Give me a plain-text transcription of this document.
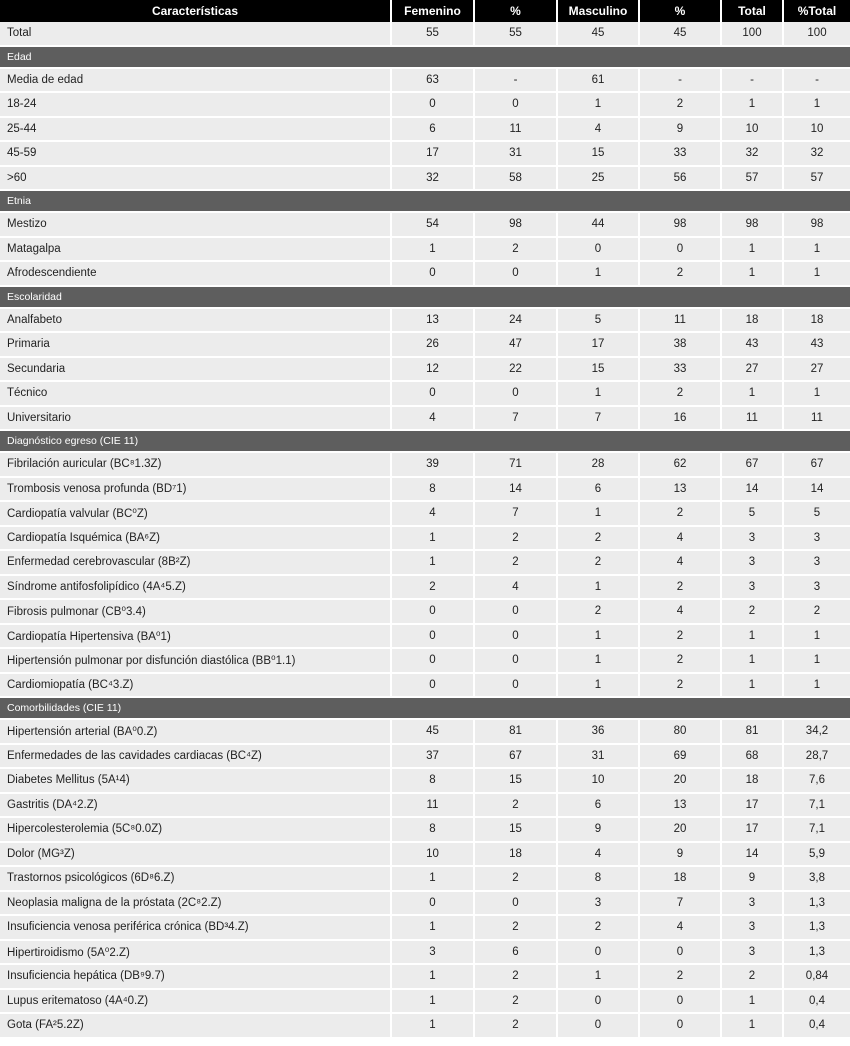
Características	Femenino	%	Masculino	%	Total	%Total
Total	55	55	45	45	100	100
Edad						
Media de edad	63	-	61	-	-	-
18-24	0	0	1	2	1	1
25-44	6	11	4	9	10	10
45-59	17	31	15	33	32	32
>60	32	58	25	56	57	57
Etnia						
Mestizo	54	98	44	98	98	98
Matagalpa	1	2	0	0	1	1
Afrodescendiente	0	0	1	2	1	1
Escolaridad						
Analfabeto	13	24	5	11	18	18
Primaria	26	47	17	38	43	43
Secundaria	12	22	15	33	27	27
Técnico	0	0	1	2	1	1
Universitario	4	7	7	16	11	11
Diagnóstico egreso (CIE 11)						
Fibrilación auricular (BC⁸1.3Z)	39	71	28	62	67	67
Trombosis venosa profunda (BD⁷1)	8	14	6	13	14	14
Cardiopatía valvular (BC⁰Z)	4	7	1	2	5	5
Cardiopatía Isquémica (BA⁶Z)	1	2	2	4	3	3
Enfermedad cerebrovascular (8B²Z)	1	2	2	4	3	3
Síndrome antifosfolipídico (4A⁴5.Z)	2	4	1	2	3	3
Fibrosis pulmonar (CB⁰3.4)	0	0	2	4	2	2
Cardiopatía Hipertensiva (BA⁰1)	0	0	1	2	1	1
Hipertensión pulmonar por disfunción diastólica (BB⁰1.1)	0	0	1	2	1	1
Cardiomiopatía (BC⁴3.Z)	0	0	1	2	1	1
Comorbilidades (CIE 11)						
Hipertensión arterial (BA⁰0.Z)	45	81	36	80	81	34,2
Enfermedades de las cavidades cardiacas (BC⁴Z)	37	67	31	69	68	28,7
Diabetes Mellitus (5A¹4)	8	15	10	20	18	7,6
Gastritis (DA⁴2.Z)	11	2	6	13	17	7,1
Hipercolesterolemia (5C⁸0.0Z)	8	15	9	20	17	7,1
Dolor (MG³Z)	10	18	4	9	14	5,9
Trastornos psicológicos (6D⁸6.Z)	1	2	8	18	9	3,8
Neoplasia maligna de la próstata (2C⁸2.Z)	0	0	3	7	3	1,3
Insuficiencia venosa periférica crónica (BD³4.Z)	1	2	2	4	3	1,3
Hipertiroidismo (5A⁰2.Z)	3	6	0	0	3	1,3
Insuficiencia hepática (DB⁹9.7)	1	2	1	2	2	0,84
Lupus eritematoso (4A⁴0.Z)	1	2	0	0	1	0,4
Gota (FA²5.2Z)	1	2	0	0	1	0,4
